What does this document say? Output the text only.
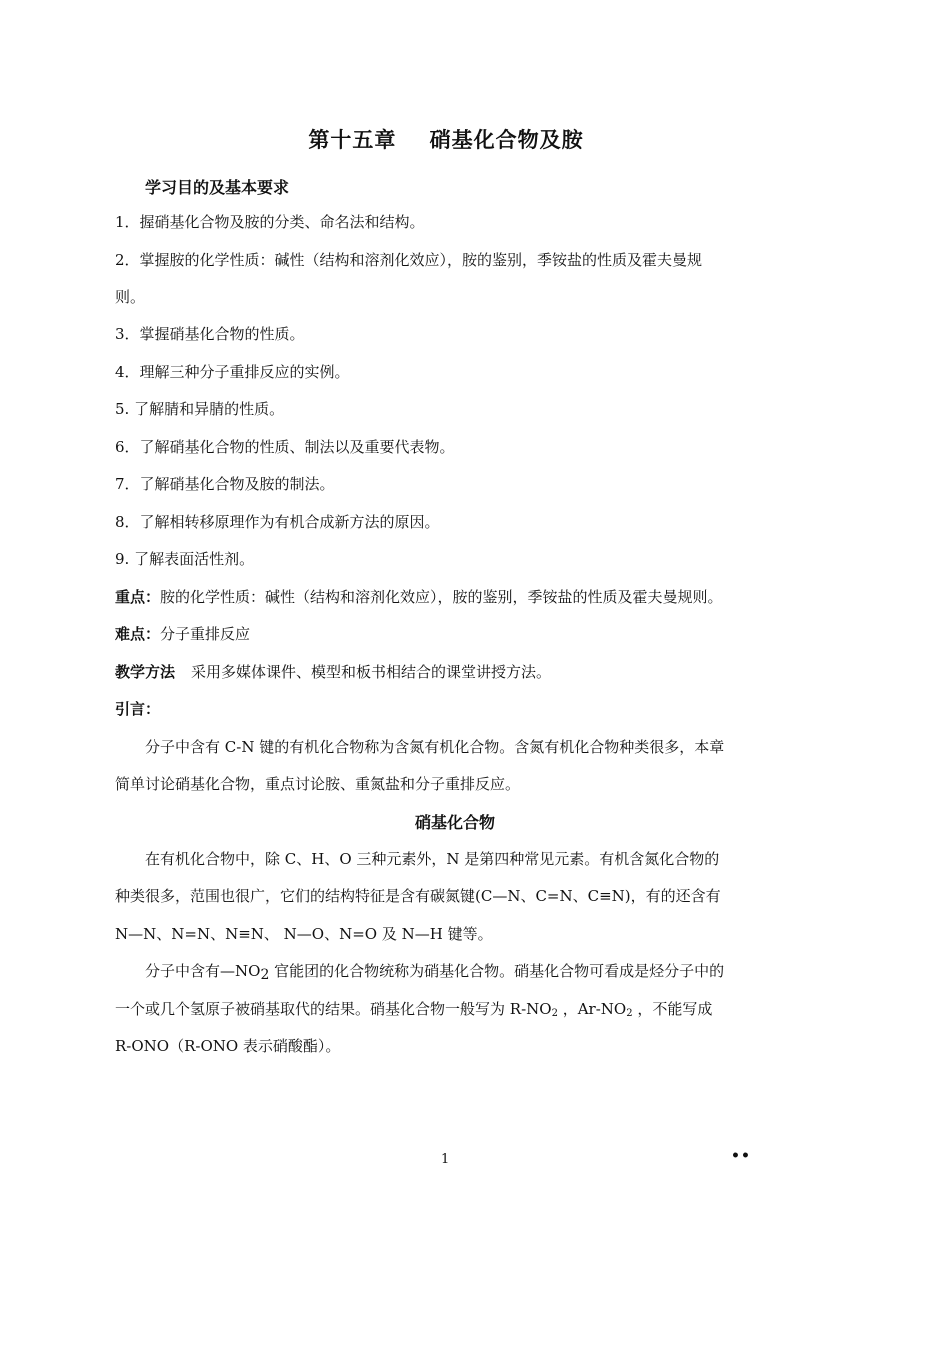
第十五章    硝基化合物及胺
学习目的及基本要求
1．握硝基化合物及胺的分类、命名法和结构。
2．掌握胺的化学性质：碱性（结构和溶剂化效应），胺的鉴别，季铵盐的性质及霍夫曼规
则。
3．掌握硝基化合物的性质。
4．理解三种分子重排反应的实例。
5. 了解腈和异腈的性质。
6．了解硝基化合物的性质、制法以及重要代表物。
7．了解硝基化合物及胺的制法。
8．了解相转移原理作为有机合成新方法的原因。
9. 了解表面活性剂。
重点：胺的化学性质：碱性（结构和溶剂化效应），胺的鉴别，季铵盐的性质及霍夫曼规则。
难点：分子重排反应
教学方法 采用多媒体课件、模型和板书相结合的课堂讲授方法。
引言：
分子中含有 C-N 键的有机化合物称为含氮有机化合物。含氮有机化合物种类很多，本章
简单讨论硝基化合物，重点讨论胺、重氮盐和分子重排反应。
硝基化合物
在有机化合物中，除 C、H、O 三种元素外，N 是第四种常见元素。有机含氮化合物的
种类很多，范围也很广，它们的结构特征是含有碳氮键(C—N、C=N、C≡N)，有的还含有
N—N、N=N、N≡N、 N—O、N=O 及 N—H 键等。
分子中含有—NO2 官能团的化合物统称为硝基化合物。硝基化合物可看成是烃分子中的
一个或几个氢原子被硝基取代的结果。硝基化合物一般写为 $R-NO_2$ ，$Ar-NO_2$ ，不能写成
R-ONO（R-ONO 表示硝酸酯）。
1	••
